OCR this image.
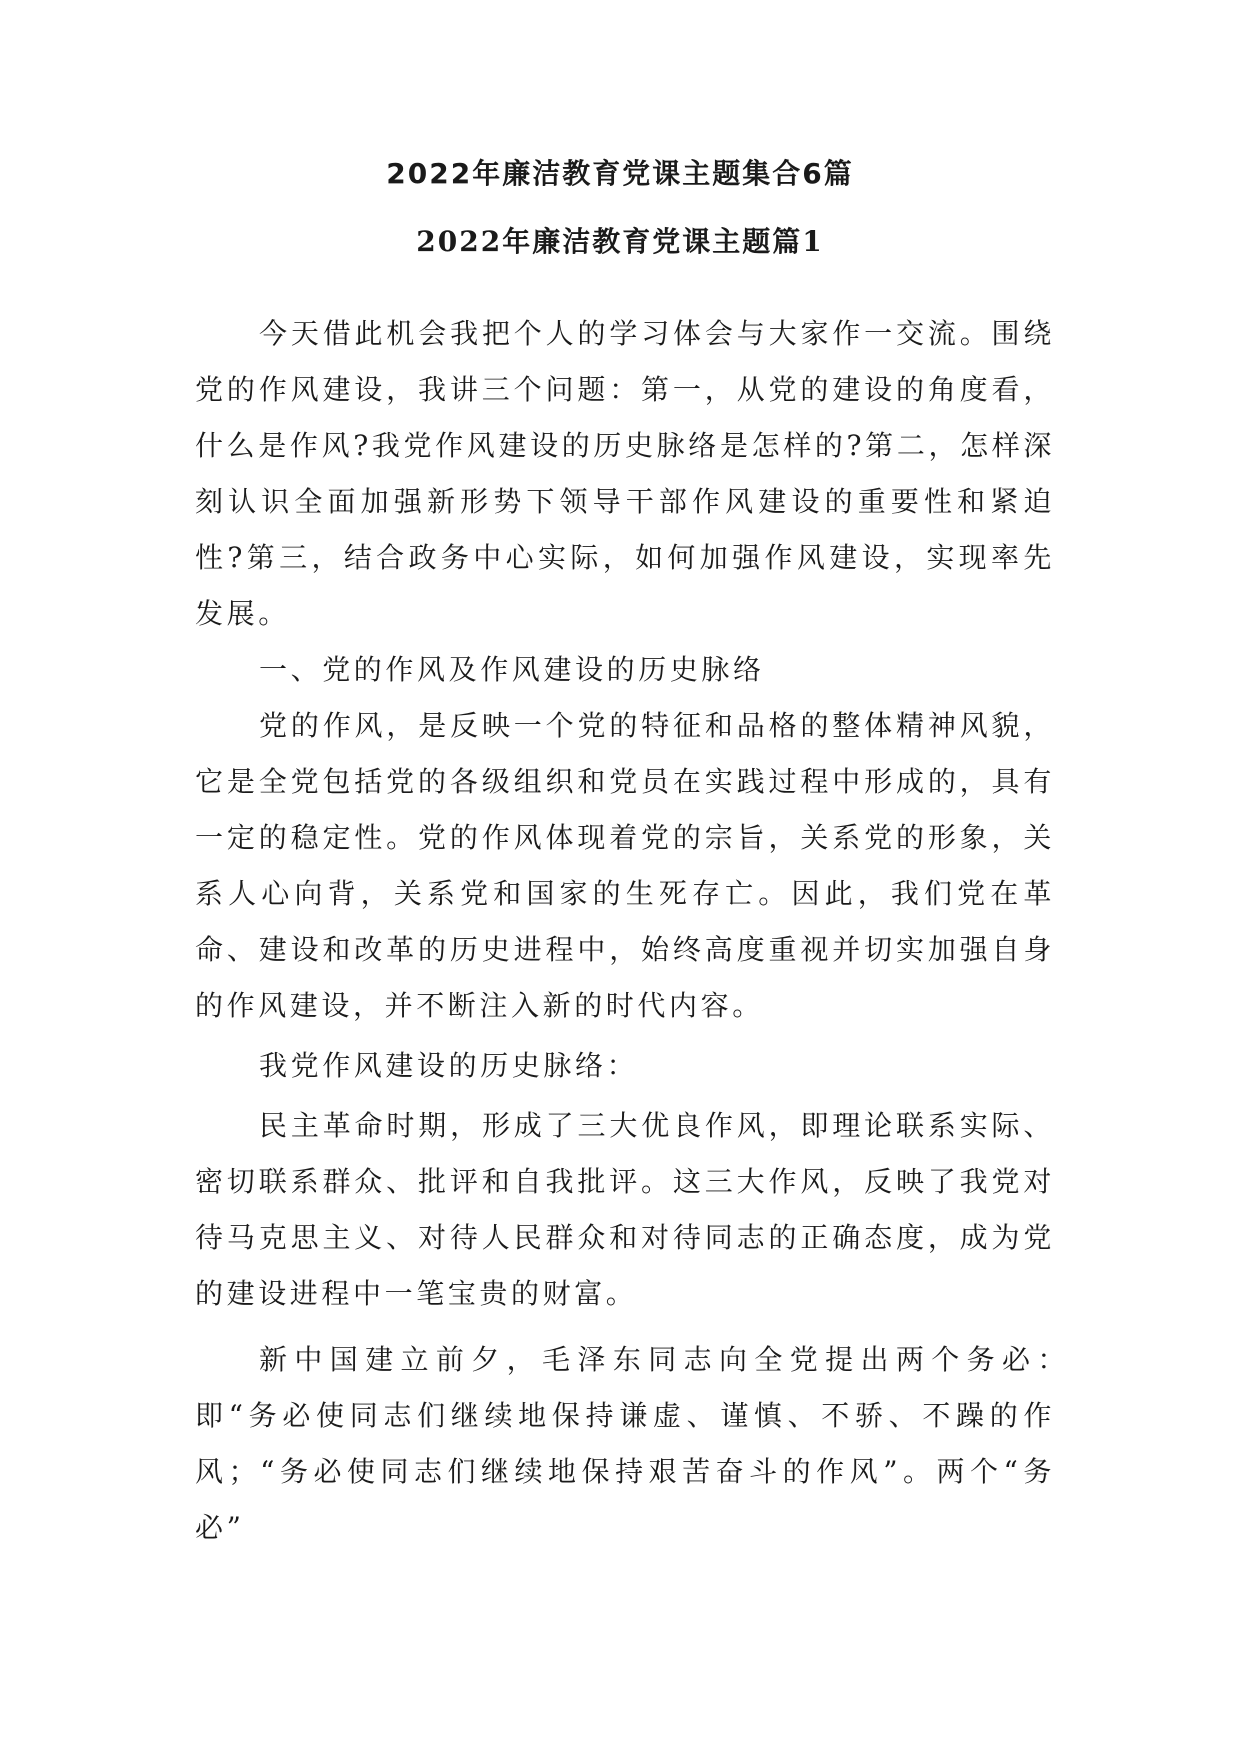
2022年廉洁教育党课主题集合6篇
2022年廉洁教育党课主题篇1

今天借此机会我把个人的学习体会与大家作一交流。围绕党的作风建设，我讲三个问题：第一，从党的建设的角度看，什么是作风?我党作风建设的历史脉络是怎样的?第二，怎样深刻认识全面加强新形势下领导干部作风建设的重要性和紧迫性?第三，结合政务中心实际，如何加强作风建设，实现率先发展。

一、党的作风及作风建设的历史脉络

党的作风，是反映一个党的特征和品格的整体精神风貌，它是全党包括党的各级组织和党员在实践过程中形成的，具有一定的稳定性。党的作风体现着党的宗旨，关系党的形象，关系人心向背，关系党和国家的生死存亡。因此，我们党在革命、建设和改革的历史进程中，始终高度重视并切实加强自身的作风建设，并不断注入新的时代内容。

我党作风建设的历史脉络：

民主革命时期，形成了三大优良作风，即理论联系实际、密切联系群众、批评和自我批评。这三大作风，反映了我党对待马克思主义、对待人民群众和对待同志的正确态度，成为党的建设进程中一笔宝贵的财富。

新中国建立前夕，毛泽东同志向全党提出两个务必：　即“务必使同志们继续地保持谦虚、谨慎、不骄、不躁的作风；“务必使同志们继续地保持艰苦奋斗的作风”。两个“务必”
